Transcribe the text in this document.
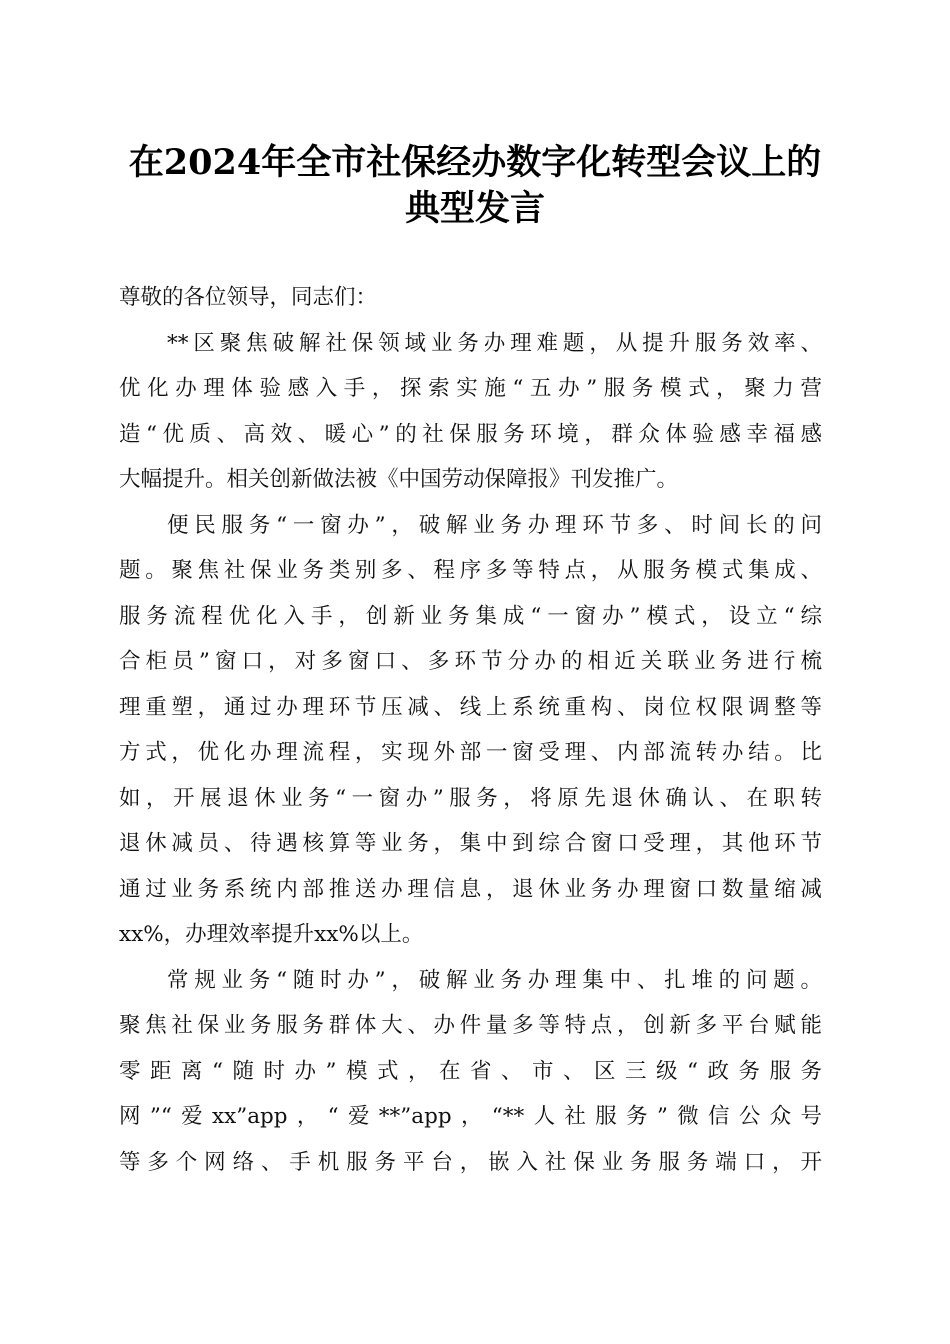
在2024年全市社保经办数字化转型会议上的
典型发言
尊敬的各位领导，同志们：
**区聚焦破解社保领域业务办理难题，从提升服务效率、
优化办理体验感入手，探索实施“五办”服务模式，聚力营
造“优质、高效、暖心”的社保服务环境，群众体验感幸福感
大幅提升。相关创新做法被《中国劳动保障报》刊发推广。
便民服务“一窗办”，破解业务办理环节多、时间长的问
题。聚焦社保业务类别多、程序多等特点，从服务模式集成、
服务流程优化入手，创新业务集成“一窗办”模式，设立“综
合柜员”窗口，对多窗口、多环节分办的相近关联业务进行梳
理重塑，通过办理环节压减、线上系统重构、岗位权限调整等
方式，优化办理流程，实现外部一窗受理、内部流转办结。比
如，开展退休业务“一窗办”服务，将原先退休确认、在职转
退休减员、待遇核算等业务，集中到综合窗口受理，其他环节
通过业务系统内部推送办理信息，退休业务办理窗口数量缩减
xx%，办理效率提升xx%以上。
常规业务“随时办”，破解业务办理集中、扎堆的问题。
聚焦社保业务服务群体大、办件量多等特点，创新多平台赋能
零距离“随时办”模式，在省、市、区三级“政务服务
网”“爱xx”app，“爱**”app，“**人社服务”微信公众号
等多个网络、手机服务平台，嵌入社保业务服务端口，开
